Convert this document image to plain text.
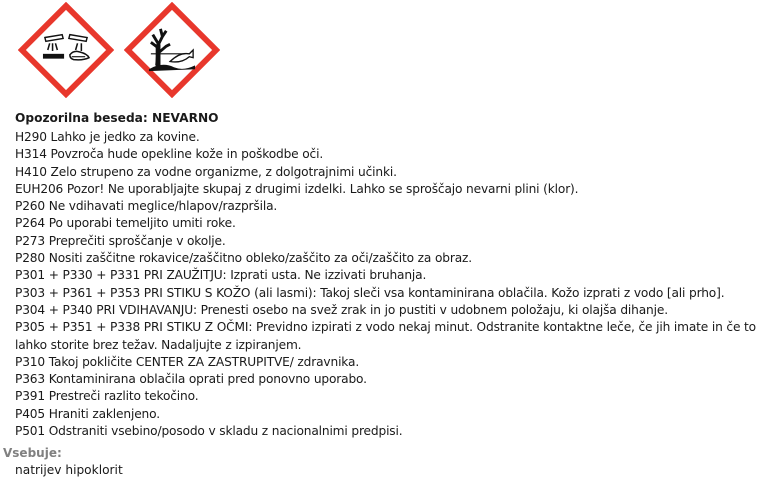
Opozorilna beseda: NEVARNO

H290 Lahko je jedko za kovine.

H314 Povzroča hude opekline kože in poškodbe oči.

H410 Zelo strupeno za vodne organizme, z dolgotrajnimi učinki.

EUH206 Pozor! Ne uporabljajte skupaj z drugimi izdelki. Lahko se sproščajo nevarni plini (klor).

P260 Ne vdihavati meglice/hlapov/razpršila.

P264 Po uporabi temeljito umiti roke.

P273 Preprečiti sproščanje v okolje.

P280 Nositi zaščitne rokavice/zaščitno obleko/zaščito za oči/zaščito za obraz.

P301 + P330 + P331 PRI ZAUŽITJU: Izprati usta. Ne izzivati bruhanja.

P303 + P361 + P353 PRI STIKU S KOŽO (ali lasmi): Takoj sleči vsa kontaminirana oblačila. Kožo izprati z vodo [ali prho].

P304 + P340 PRI VDIHAVANJU: Prenesti osebo na svež zrak in jo pustiti v udobnem položaju, ki olajša dihanje.

P305 + P351 + P338 PRI STIKU Z OČMI: Previdno izpirati z vodo nekaj minut. Odstranite kontaktne leče, če jih imate in če to lahko storite brez težav. Nadaljujte z izpiranjem.

P310 Takoj pokličite CENTER ZA ZASTRUPITVE/ zdravnika.

P363 Kontaminirana oblačila oprati pred ponovno uporabo.

P391 Prestreči razlito tekočino.

P405 Hraniti zaklenjeno.

P501 Odstraniti vsebino/posodo v skladu z nacionalnimi predpisi.

Vsebuje:
natrijev hipoklorit
